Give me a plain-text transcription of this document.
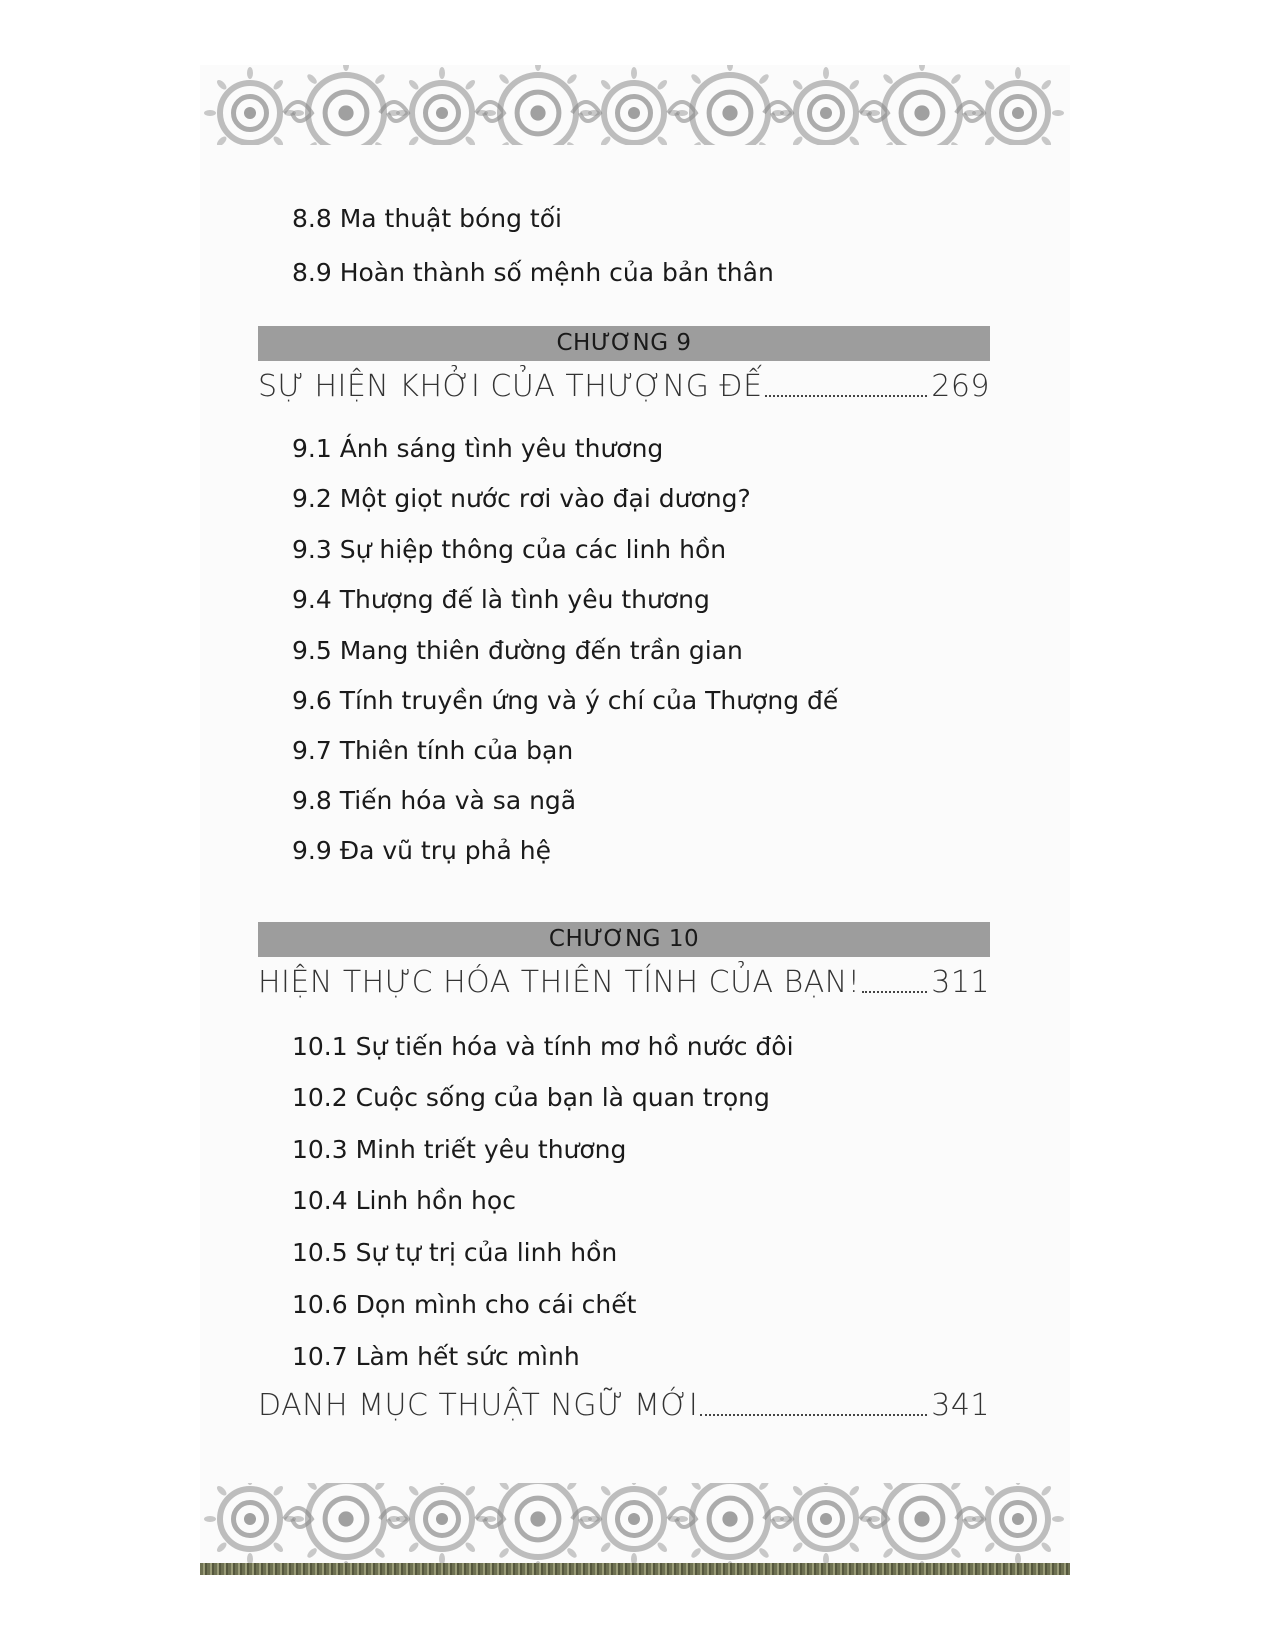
8.8 Ma thuật bóng tối
8.9 Hoàn thành số mệnh của bản thân
CHƯƠNG 9
SỰ HIỆN KHỞI CỦA THƯỢNG ĐẾ	269
9.1 Ánh sáng tình yêu thương
9.2 Một giọt nước rơi vào đại dương?
9.3 Sự hiệp thông của các linh hồn
9.4 Thượng đế là tình yêu thương
9.5 Mang thiên đường đến trần gian
9.6 Tính truyền ứng và ý chí của Thượng đế
9.7 Thiên tính của bạn
9.8 Tiến hóa và sa ngã
9.9 Đa vũ trụ phả hệ
CHƯƠNG 10
HIỆN THỰC HÓA THIÊN TÍNH CỦA BẠN! 311
10.1 Sự tiến hóa và tính mơ hồ nước đôi
10.2 Cuộc sống của bạn là quan trọng
10.3 Minh triết yêu thương
10.4 Linh hồn học
10.5 Sự tự trị của linh hồn
10.6 Dọn mình cho cái chết
10.7 Làm hết sức mình
DANH MỤC THUẬT NGỮ MỚI	341
